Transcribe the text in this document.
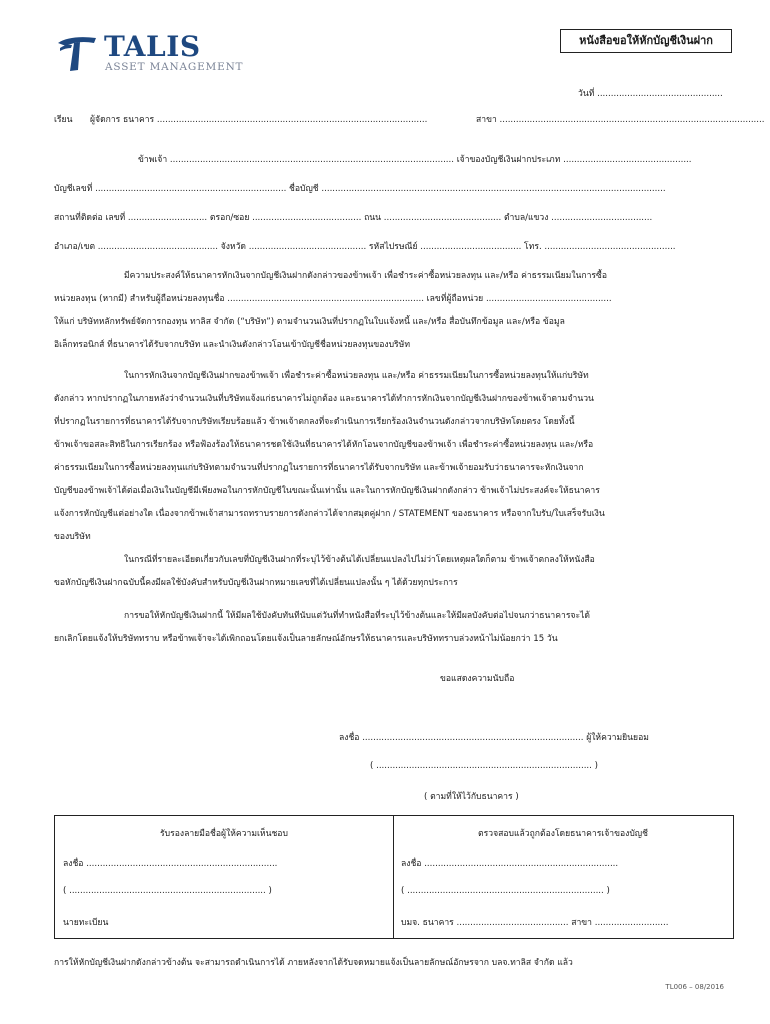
TALIS
ASSET MANAGEMENT
หนังสือขอให้หักบัญชีเงินฝาก
วันที่ ..............................................
เรียน ผู้จัดการ ธนาคาร ...................................................................................................	สาขา .................................................................................................
ข้าพเจ้า ........................................................................................................ เจ้าของบัญชีเงินฝากประเภท ...............................................
บัญชีเลขที่ ...................................................................... ชื่อบัญชี ..............................................................................................................................
สถานที่ติดต่อ เลขที่ ............................. ตรอก/ซอย ........................................ ถนน ........................................... ตำบล/แขวง .....................................
อำเภอ/เขต ............................................ จังหวัด ........................................... รหัสไปรษณีย์ ..................................... โทร. ................................................

มีความประสงค์ให้ธนาคารหักเงินจากบัญชีเงินฝากดังกล่าวของข้าพเจ้า เพื่อชำระค่าซื้อหน่วยลงทุน และ/หรือ ค่าธรรมเนียมในการซื้อ

หน่วยลงทุน (หากมี) สำหรับผู้ถือหน่วยลงทุนชื่อ ........................................................................ เลขที่ผู้ถือหน่วย ..............................................

ให้แก่ บริษัทหลักทรัพย์จัดการกองทุน ทาลิส จำกัด (“บริษัท”) ตามจำนวนเงินที่ปรากฏในใบแจ้งหนี้ และ/หรือ สื่อบันทึกข้อมูล และ/หรือ ข้อมูล

อิเล็กทรอนิกส์ ที่ธนาคารได้รับจากบริษัท และนำเงินดังกล่าวโอนเข้าบัญชีชื่อหน่วยลงทุนของบริษัท

ในการหักเงินจากบัญชีเงินฝากของข้าพเจ้า เพื่อชำระค่าซื้อหน่วยลงทุน และ/หรือ ค่าธรรมเนียมในการซื้อหน่วยลงทุนให้แก่บริษัท

ดังกล่าว หากปรากฏในภายหลังว่าจำนวนเงินที่บริษัทแจ้งแก่ธนาคารไม่ถูกต้อง และธนาคารได้ทำการหักเงินจากบัญชีเงินฝากของข้าพเจ้าตามจำนวน

ที่ปรากฏในรายการที่ธนาคารได้รับจากบริษัทเรียบร้อยแล้ว ข้าพเจ้าตกลงที่จะดำเนินการเรียกร้องเงินจำนวนดังกล่าวจากบริษัทโดยตรง โดยทั้งนี้

ข้าพเจ้าขอสละสิทธิในการเรียกร้อง หรือฟ้องร้องให้ธนาคารชดใช้เงินที่ธนาคารได้หักโอนจากบัญชีของข้าพเจ้า เพื่อชำระค่าซื้อหน่วยลงทุน และ/หรือ

ค่าธรรมเนียมในการซื้อหน่วยลงทุนแก่บริษัทตามจำนวนที่ปรากฏในรายการที่ธนาคารได้รับจากบริษัท และข้าพเจ้ายอมรับว่าธนาคารจะหักเงินจาก

บัญชีของข้าพเจ้าได้ต่อเมื่อเงินในบัญชีมีเพียงพอในการหักบัญชีในขณะนั้นเท่านั้น และในการหักบัญชีเงินฝากดังกล่าว ข้าพเจ้าไม่ประสงค์จะให้ธนาคาร

แจ้งการหักบัญชีแต่อย่างใด เนื่องจากข้าพเจ้าสามารถทราบรายการดังกล่าวได้จากสมุดคู่ฝาก / STATEMENT ของธนาคาร หรือจากใบรับ/ใบเสร็จรับเงิน

ของบริษัท

ในกรณีที่รายละเอียดเกี่ยวกับเลขที่บัญชีเงินฝากที่ระบุไว้ข้างต้นได้เปลี่ยนแปลงไปไม่ว่าโดยเหตุผลใดก็ตาม ข้าพเจ้าตกลงให้หนังสือ

ขอหักบัญชีเงินฝากฉบับนี้คงมีผลใช้บังคับสำหรับบัญชีเงินฝากหมายเลขที่ได้เปลี่ยนแปลงนั้น ๆ ได้ด้วยทุกประการ

การขอให้หักบัญชีเงินฝากนี้ ให้มีผลใช้บังคับทันทีนับแต่วันที่ทำหนังสือที่ระบุไว้ข้างต้นและให้มีผลบังคับต่อไปจนกว่าธนาคารจะได้

ยกเลิกโดยแจ้งให้บริษัททราบ หรือข้าพเจ้าจะได้เพิกถอนโดยแจ้งเป็นลายลักษณ์อักษรให้ธนาคารและบริษัททราบล่วงหน้าไม่น้อยกว่า 15 วัน

ขอแสดงความนับถือ
ลงชื่อ ................................................................................. ผู้ให้ความยินยอม
( ............................................................................... )
( ตามที่ให้ไว้กับธนาคาร )
รับรองลายมือชื่อผู้ให้ความเห็นชอบ
ลงชื่อ ......................................................................
( ........................................................................ )
นายทะเบียน
ตรวจสอบแล้วถูกต้องโดยธนาคารเจ้าของบัญชี
ลงชื่อ .......................................................................
( ........................................................................ )
บมจ. ธนาคาร ......................................... สาขา ...........................
การให้หักบัญชีเงินฝากดังกล่าวข้างต้น จะสามารถดำเนินการได้ ภายหลังจากได้รับจดหมายแจ้งเป็นลายลักษณ์อักษรจาก บลจ.ทาลิส จำกัด แล้ว
TL006 – 08/2016
